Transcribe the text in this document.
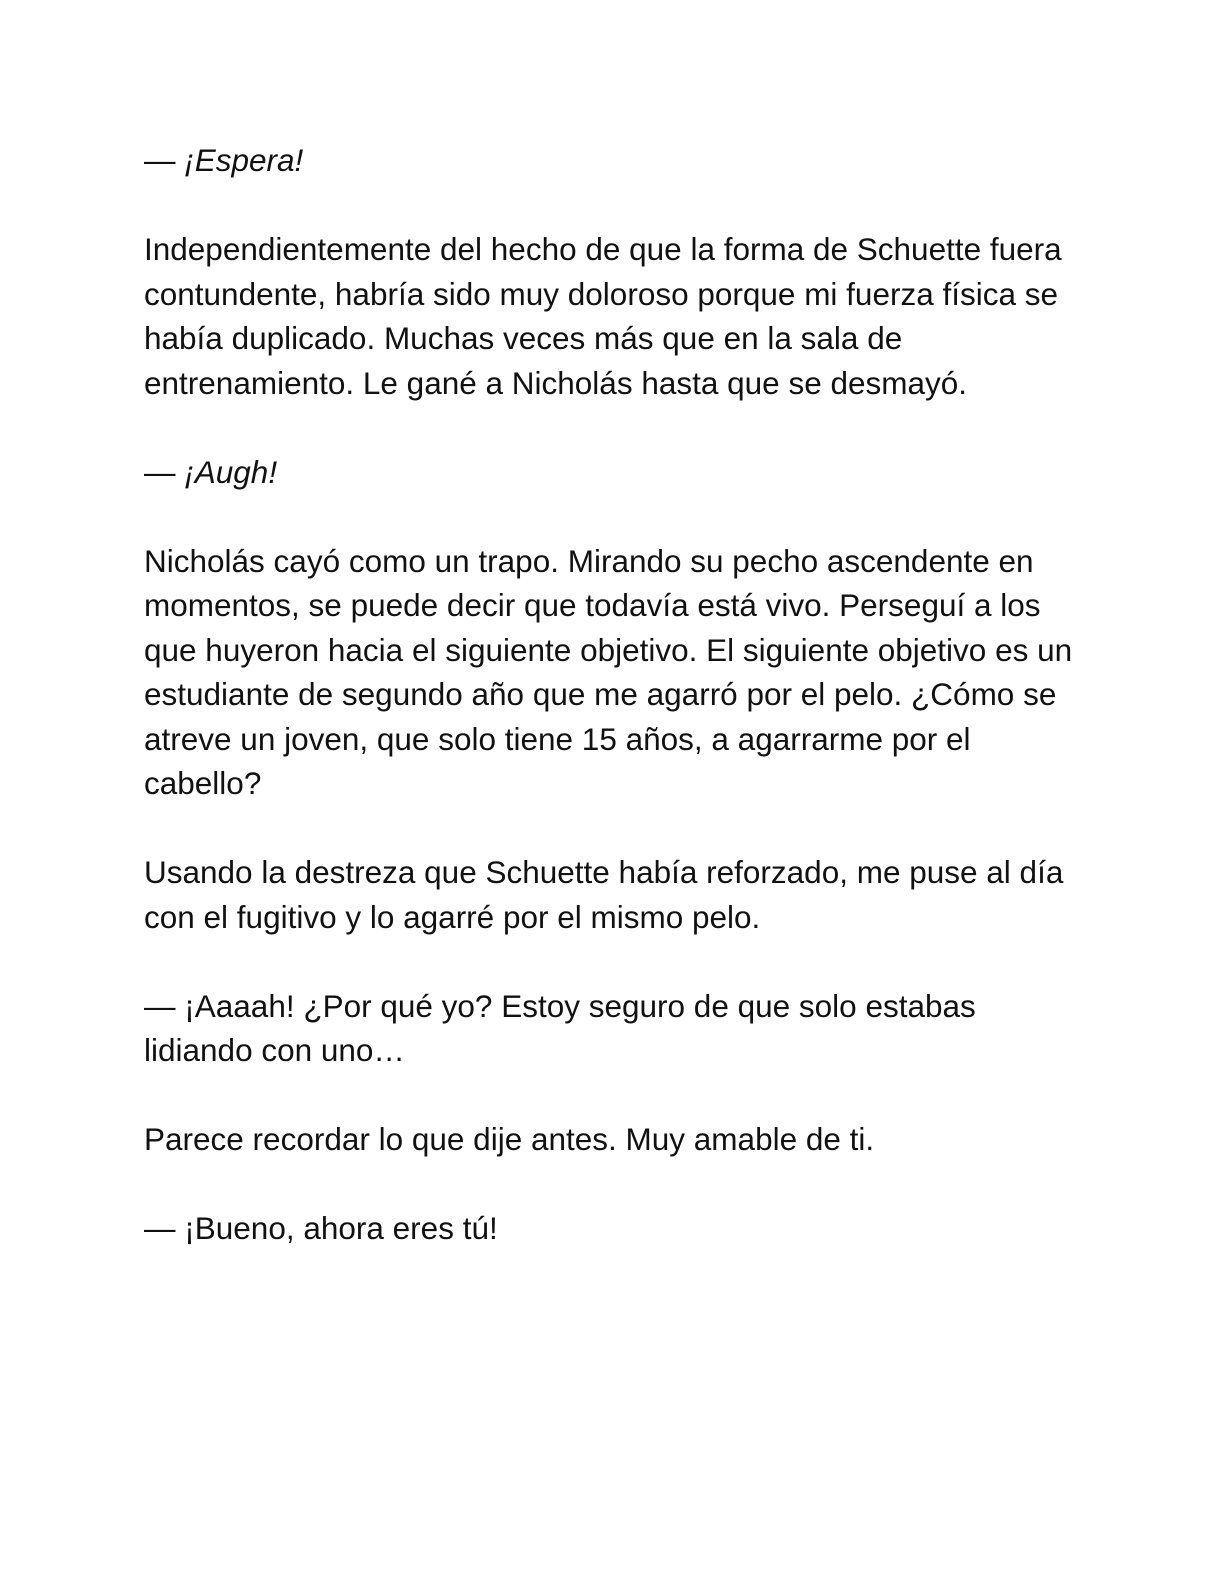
— ¡Espera!

Independientemente del hecho de que la forma de Schuette fuera contundente, habría sido muy doloroso porque mi fuerza física se había duplicado. Muchas veces más que en la sala de entrenamiento. Le gané a Nicholás hasta que se desmayó.

— ¡Augh!

Nicholás cayó como un trapo. Mirando su pecho ascendente en momentos, se puede decir que todavía está vivo. Perseguí a los que huyeron hacia el siguiente objetivo. El siguiente objetivo es un estudiante de segundo año que me agarró por el pelo. ¿Cómo se atreve un joven, que solo tiene 15 años, a agarrarme por el cabello?

Usando la destreza que Schuette había reforzado, me puse al día con el fugitivo y lo agarré por el mismo pelo.

— ¡Aaaah! ¿Por qué yo? Estoy seguro de que solo estabas lidiando con uno…

Parece recordar lo que dije antes. Muy amable de ti.

— ¡Bueno, ahora eres tú!
